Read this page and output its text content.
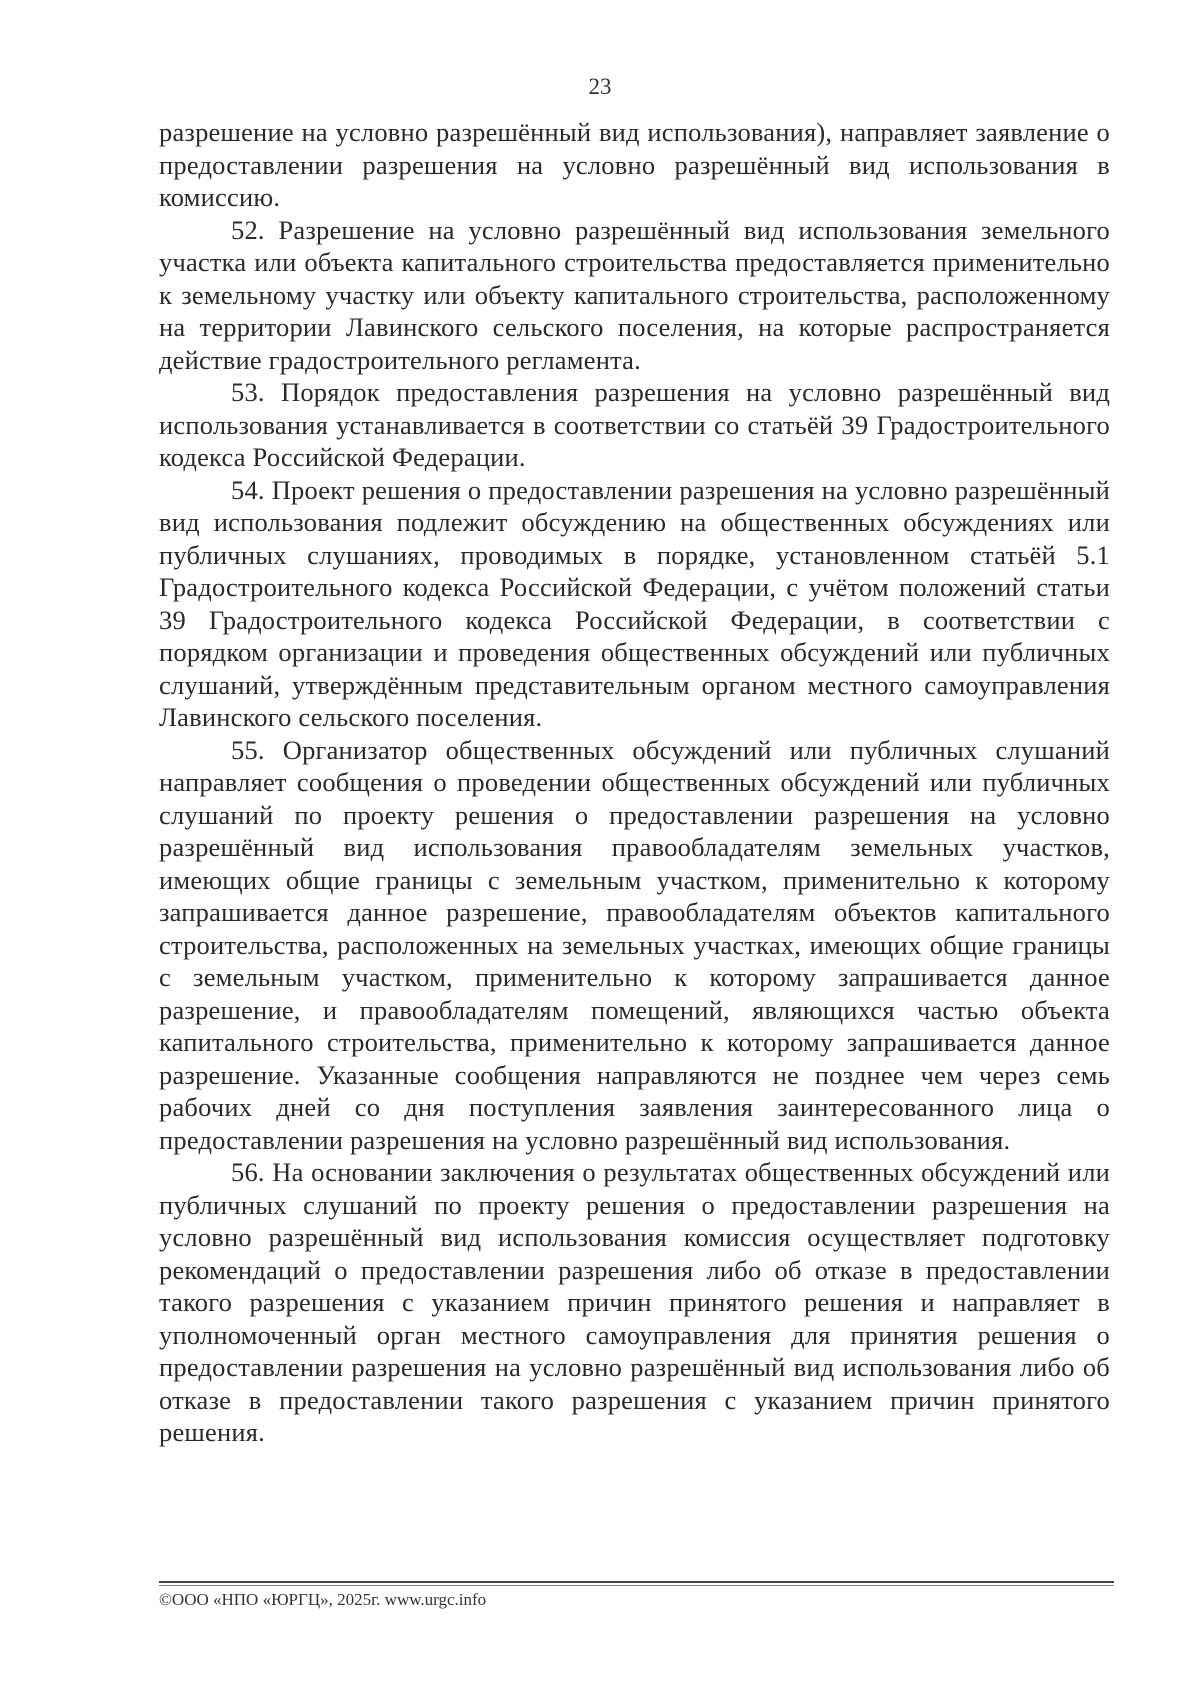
23

разрешение на условно разрешённый вид использования), направляет заявление о предоставлении разрешения на условно разрешённый вид использования в комиссию.

52. Разрешение на условно разрешённый вид использования земельного участка или объекта капитального строительства предоставляется применительно к земельному участку или объекту капитального строительства, расположенному на территории Лавинского сельского поселения, на которые распространяется действие градостроительного регламента.

53. Порядок предоставления разрешения на условно разрешённый вид использования устанавливается в соответствии со статьёй 39 Градостроительного кодекса Российской Федерации.

54. Проект решения о предоставлении разрешения на условно разрешённый вид использования подлежит обсуждению на общественных обсуждениях или публичных слушаниях, проводимых в порядке, установленном статьёй 5.1 Градостроительного кодекса Российской Федерации, с учётом положений статьи 39 Градостроительного кодекса Российской Федерации, в соответствии с порядком организации и проведения общественных обсуждений или публичных слушаний, утверждённым представительным органом местного самоуправления Лавинского сельского поселения.

55. Организатор общественных обсуждений или публичных слушаний направляет сообщения о проведении общественных обсуждений или публичных слушаний по проекту решения о предоставлении разрешения на условно разрешённый вид использования правообладателям земельных участков, имеющих общие границы с земельным участком, применительно к которому запрашивается данное разрешение, правообладателям объектов капитального строительства, расположенных на земельных участках, имеющих общие границы с земельным участком, применительно к которому запрашивается данное разрешение, и правообладателям помещений, являющихся частью объекта капитального строительства, применительно к которому запрашивается данное разрешение. Указанные сообщения направляются не позднее чем через семь рабочих дней со дня поступления заявления заинтересованного лица о предоставлении разрешения на условно разрешённый вид использования.

56. На основании заключения о результатах общественных обсуждений или публичных слушаний по проекту решения о предоставлении разрешения на условно разрешённый вид использования комиссия осуществляет подготовку рекомендаций о предоставлении разрешения либо об отказе в предоставлении такого разрешения с указанием причин принятого решения и направляет в уполномоченный орган местного самоуправления для принятия решения о предоставлении разрешения на условно разрешённый вид использования либо об отказе в предоставлении такого разрешения с указанием причин принятого решения.

©ООО «НПО «ЮРГЦ», 2025г. www.urgc.info
